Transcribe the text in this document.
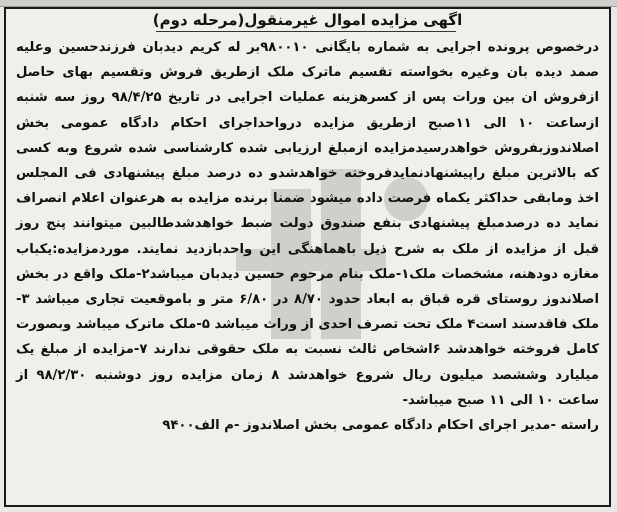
اگهی مزایده اموال غیرمنقول(مرحله دوم)

درخصوص پرونده اجرایی به شماره بایگانی ۹۸۰۰۱۰بر له کریم دیدبان فرزندحسین وعلیه صمد دیده بان وغیره بخواسته تقسیم ماترک ملک ازطریق فروش وتقسیم بهای حاصل ازفروش ان بین ورات پس از کسرهزینه عملیات اجرایی در تاریخ ۹۸/۴/۲۵ روز سه شنبه ازساعت ۱۰ الی ۱۱صبح ازطریق مزایده درواحداجرای احکام دادگاه عمومی بخش اصلاندوزبفروش خواهدرسیدمزایده ازمبلغ ارزیابی شده کارشناسی شده شروع وبه کسی که بالاترین مبلغ راپیشنهادنمایدفروخته خواهدشدو ده درصد مبلغ پیشنهادی فی المجلس اخذ ومابقی حداکثر یکماه فرصت داده میشود ضمنا برنده مزایده به هرعنوان اعلام انصراف نماید ده درصدمبلغ پیشنهادی بنفع صندوق دولت ضبط خواهدشدطالبین میتوانند پنج روز قبل از مزایده از ملک به شرح ذیل باهماهنگی این واحدبازدید نمایند. موردمزایده:یکباب مغازه دودهنه، مشخصات ملک۱-ملک بنام مرحوم حسین دیدبان میباشد۲-ملک واقع در بخش اصلاندوز روستای قره قباق به ابعاد حدود ۸/۷۰ در ۶/۸۰ متر و باموقعیت تجاری میباشد ۳-ملک فاقدسند است۴ ملک تحت تصرف احدی از وراث میباشد ۵-ملک ماترک میباشد وبصورت کامل فروخته خواهدشد ۶اشخاص ثالث نسبت به ملک حقوقی ندارند ۷-مزایده از مبلغ یک میلیارد وششصد میلیون ریال شروع خواهدشد ۸ زمان مزایده روز دوشنبه ۹۸/۲/۳۰ از ساعت ۱۰ الی ۱۱ صبح میباشد-

راسته -مدیر اجرای احکام دادگاه عمومی بخش اصلاندوز -م الف۹۴۰۰
